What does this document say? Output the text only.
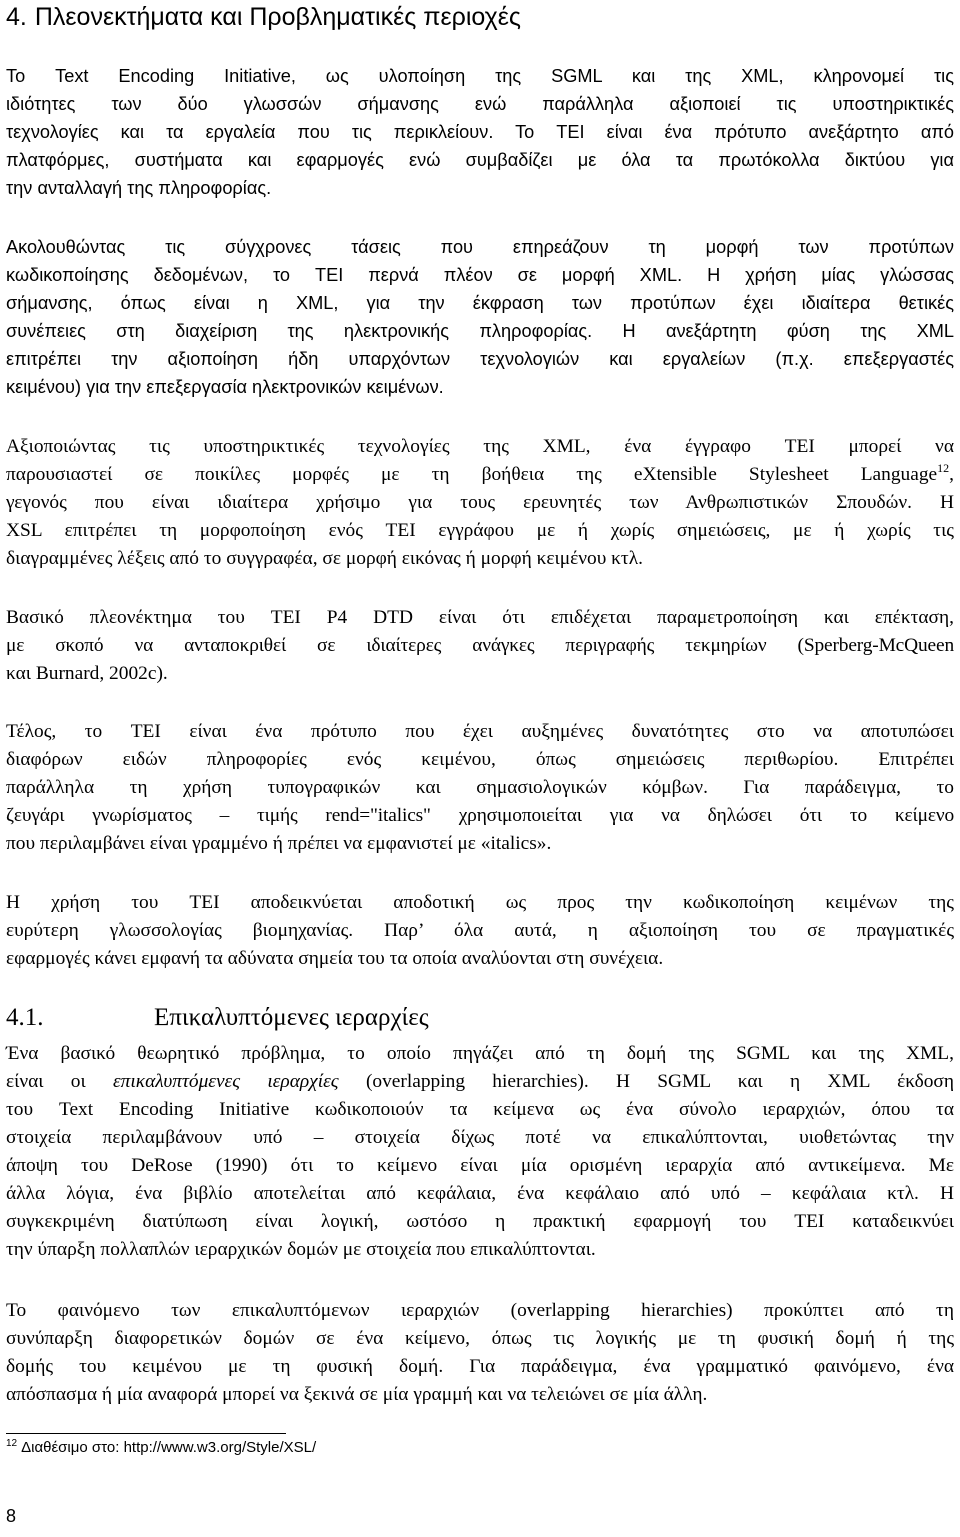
4. Πλεονεκτήματα και Προβληματικές περιοχές
Το Text Encoding Initiative, ως υλοποίηση της SGML και της XML, κληρονομεί τις
ιδιότητες των δύο γλωσσών σήμανσης ενώ παράλληλα αξιοποιεί τις υποστηρικτικές
τεχνολογίες και τα εργαλεία που τις περικλείουν. Το TEI είναι ένα πρότυπο ανεξάρτητο από
πλατφόρμες, συστήματα και εφαρμογές ενώ συμβαδίζει με όλα τα πρωτόκολλα δικτύου για
την ανταλλαγή της πληροφορίας.
Ακολουθώντας τις σύγχρονες τάσεις που επηρεάζουν τη μορφή των προτύπων
κωδικοποίησης δεδομένων, το TEI περνά πλέον σε μορφή XML. Η χρήση μίας γλώσσας
σήμανσης, όπως είναι η XML, για την έκφραση των προτύπων έχει ιδιαίτερα θετικές
συνέπειες στη διαχείριση της ηλεκτρονικής πληροφορίας. Η ανεξάρτητη φύση της XML
επιτρέπει την αξιοποίηση ήδη υπαρχόντων τεχνολογιών και εργαλείων (π.χ. επεξεργαστές
κειμένου) για την επεξεργασία ηλεκτρονικών κειμένων.
Αξιοποιώντας τις υποστηρικτικές τεχνολογίες της XML, ένα έγγραφο TEI μπορεί να
παρουσιαστεί σε ποικίλες μορφές με τη βοήθεια της eXtensible Stylesheet Language$^{12}$,
γεγονός που είναι ιδιαίτερα χρήσιμο για τους ερευνητές των Ανθρωπιστικών Σπουδών. Η
XSL επιτρέπει τη μορφοποίηση ενός TEI εγγράφου με ή χωρίς σημειώσεις, με ή χωρίς τις
διαγραμμένες λέξεις από το συγγραφέα, σε μορφή εικόνας ή μορφή κειμένου κτλ.
Βασικό πλεονέκτημα του TEI P4 DTD είναι ότι επιδέχεται παραμετροποίηση και επέκταση,
με σκοπό να ανταποκριθεί σε ιδιαίτερες ανάγκες περιγραφής τεκμηρίων (Sperberg-McQueen
και Burnard, 2002c).
Τέλος, το TEI είναι ένα πρότυπο που έχει αυξημένες δυνατότητες στο να αποτυπώσει
διαφόρων ειδών πληροφορίες ενός κειμένου, όπως σημειώσεις περιθωρίου. Επιτρέπει
παράλληλα τη χρήση τυπογραφικών και σημασιολογικών κόμβων. Για παράδειγμα, το
ζευγάρι γνωρίσματος – τιμής rend="italics" χρησιμοποιείται για να δηλώσει ότι το κείμενο
που περιλαμβάνει είναι γραμμένο ή πρέπει να εμφανιστεί με «italics».
Η χρήση του TEI αποδεικνύεται αποδοτική ως προς την κωδικοποίηση κειμένων της
ευρύτερη γλωσσολογίας βιομηχανίας. Παρ’ όλα αυτά, η αξιοποίηση του σε πραγματικές
εφαρμογές κάνει εμφανή τα αδύνατα σημεία του τα οποία αναλύονται στη συνέχεια.
4.1.	Επικαλυπτόμενες ιεραρχίες
Ένα βασικό θεωρητικό πρόβλημα, το οποίο πηγάζει από τη δομή της SGML και της XML,
είναι οι επικαλυπτόμενες ιεραρχίες (overlapping hierarchies). Η SGML και η XML έκδοση
του Text Encoding Initiative κωδικοποιούν τα κείμενα ως ένα σύνολο ιεραρχιών, όπου τα
στοιχεία περιλαμβάνουν υπό – στοιχεία δίχως ποτέ να επικαλύπτονται, υιοθετώντας την
άποψη του DeRose (1990) ότι το κείμενο είναι μία ορισμένη ιεραρχία από αντικείμενα. Με
άλλα λόγια, ένα βιβλίο αποτελείται από κεφάλαια, ένα κεφάλαιο από υπό – κεφάλαια κτλ. Η
συγκεκριμένη διατύπωση είναι λογική, ωστόσο η πρακτική εφαρμογή του TEI καταδεικνύει
την ύπαρξη πολλαπλών ιεραρχικών δομών με στοιχεία που επικαλύπτονται.
Το φαινόμενο των επικαλυπτόμενων ιεραρχιών (overlapping hierarchies) προκύπτει από τη
συνύπαρξη διαφορετικών δομών σε ένα κείμενο, όπως τις λογικής με τη φυσική δομή ή της
δομής του κειμένου με τη φυσική δομή. Για παράδειγμα, ένα γραμματικό φαινόμενο, ένα
απόσπασμα ή μία αναφορά μπορεί να ξεκινά σε μία γραμμή και να τελειώνει σε μία άλλη.
$^{12}$ Διαθέσιμο στο: http://www.w3.org/Style/XSL/
8
